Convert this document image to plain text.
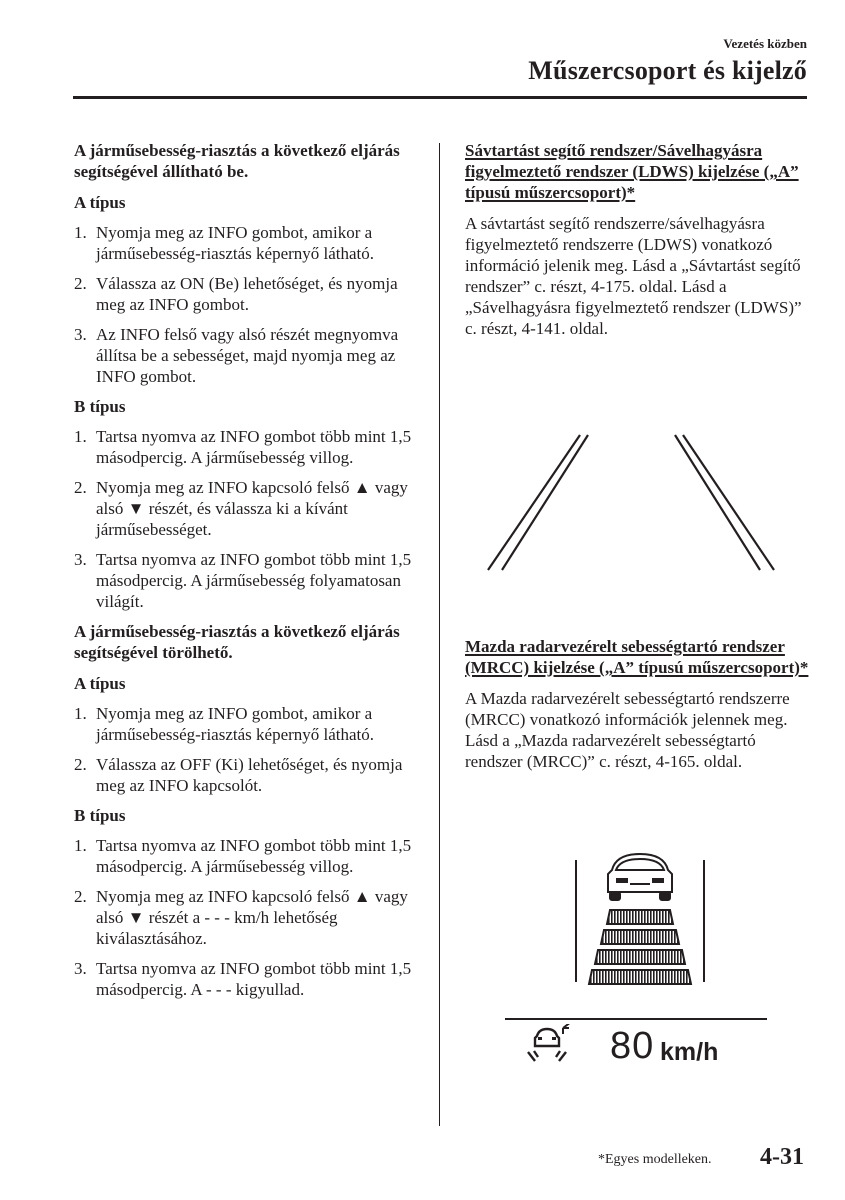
Vezetés közben
Műszercsoport és kijelző
A járműsebesség-riasztás a következő eljárás segítségével állítható be.
A típus
1. Nyomja meg az INFO gombot, amikor a járműsebesség-riasztás képernyő látható.
2. Válassza az ON (Be) lehetőséget, és nyomja meg az INFO gombot.
3. Az INFO felső vagy alsó részét megnyomva állítsa be a sebességet, majd nyomja meg az INFO gombot.
B típus
1. Tartsa nyomva az INFO gombot több mint 1,5 másodpercig. A járműsebesség villog.
2. Nyomja meg az INFO kapcsoló felső ▲ vagy alsó ▼ részét, és válassza ki a kívánt járműsebességet.
3. Tartsa nyomva az INFO gombot több mint 1,5 másodpercig. A járműsebesség folyamatosan világít.
A járműsebesség-riasztás a következő eljárás segítségével törölhető.
A típus
1. Nyomja meg az INFO gombot, amikor a járműsebesség-riasztás képernyő látható.
2. Válassza az OFF (Ki) lehetőséget, és nyomja meg az INFO kapcsolót.
B típus
1. Tartsa nyomva az INFO gombot több mint 1,5 másodpercig. A járműsebesség villog.
2. Nyomja meg az INFO kapcsoló felső ▲ vagy alsó ▼ részét a - - - km/h lehetőség kiválasztásához.
3. Tartsa nyomva az INFO gombot több mint 1,5 másodpercig. A - - - kigyullad.
Sávtartást segítő rendszer/Sávelhagyásra figyelmeztető rendszer (LDWS) kijelzése („A” típusú műszercsoport)*
A sávtartást segítő rendszerre/sávelhagyásra figyelmeztető rendszerre (LDWS) vonatkozó információ jelenik meg. Lásd a „Sávtartást segítő rendszer” c. részt, 4-175. oldal. Lásd a „Sávelhagyásra figyelmeztető rendszer (LDWS)” c. részt, 4-141. oldal.
Mazda radarvezérelt sebességtartó rendszer (MRCC) kijelzése („A” típusú műszercsoport)*
A Mazda radarvezérelt sebességtartó rendszerre (MRCC) vonatkozó információk jelennek meg. Lásd a „Mazda radarvezérelt sebességtartó rendszer (MRCC)” c. részt, 4-165. oldal.
80 km/h
*Egyes modelleken. 4-31
